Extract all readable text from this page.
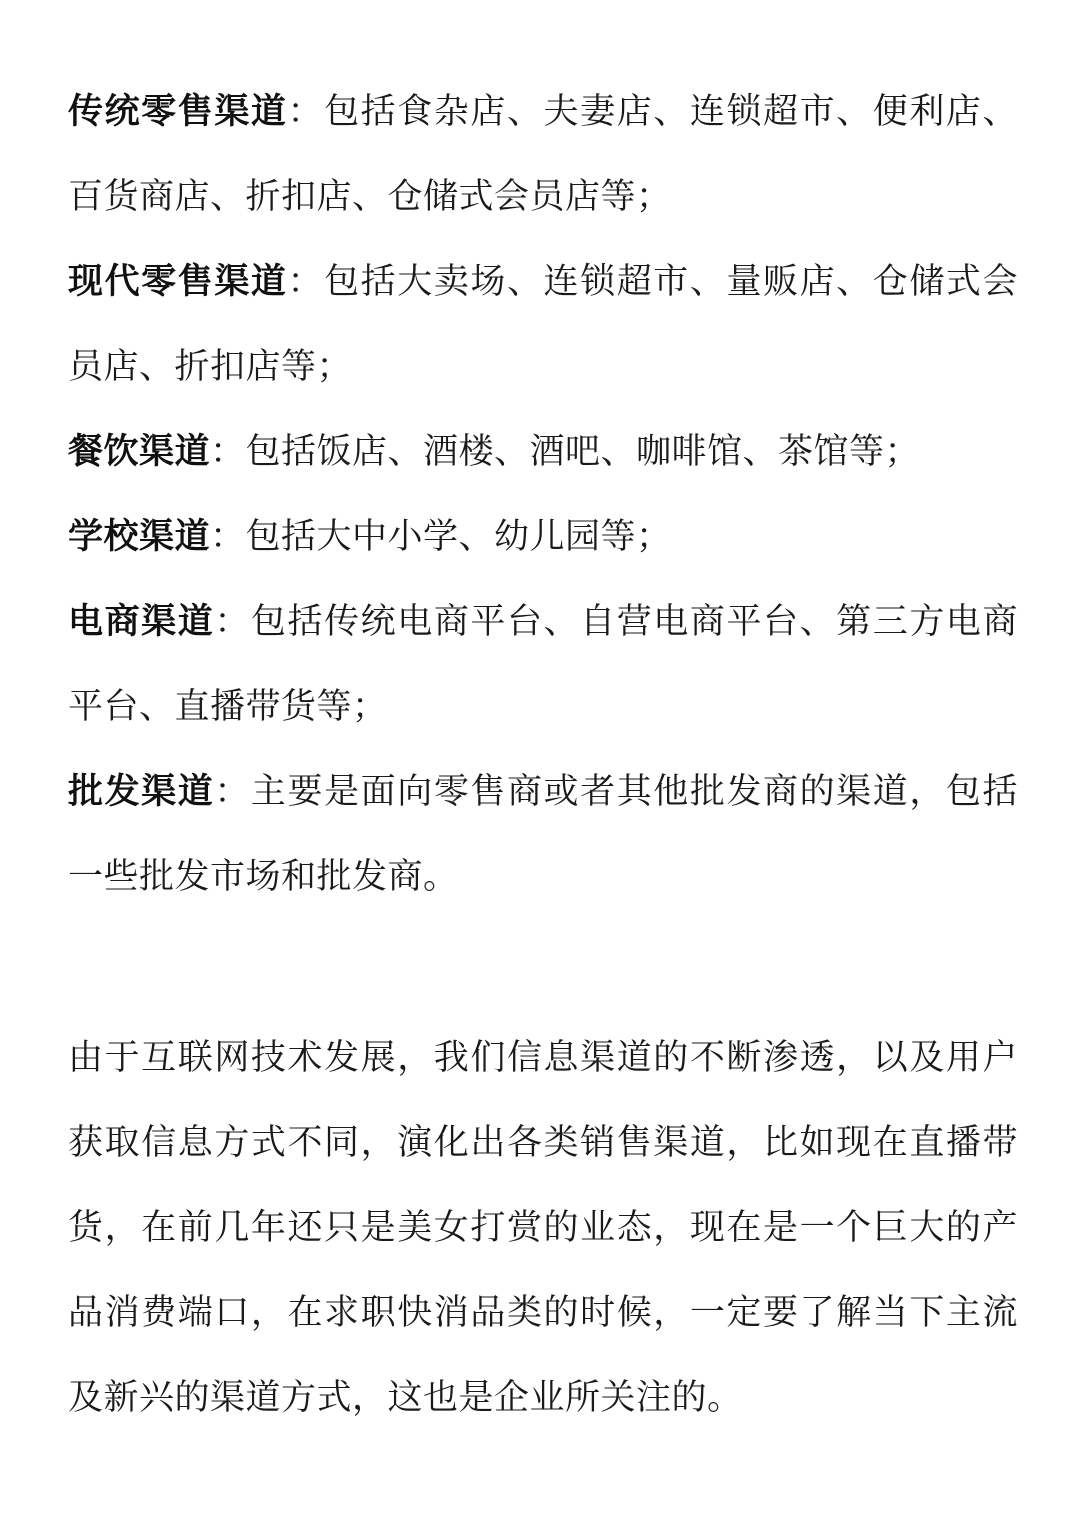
传统零售渠道：包括食杂店、夫妻店、连锁超市、便利店、百货商店、折扣店、仓储式会员店等；

现代零售渠道：包括大卖场、连锁超市、量贩店、仓储式会员店、折扣店等；

餐饮渠道：包括饭店、酒楼、酒吧、咖啡馆、茶馆等；

学校渠道：包括大中小学、幼儿园等；

电商渠道：包括传统电商平台、自营电商平台、第三方电商平台、直播带货等；

批发渠道：主要是面向零售商或者其他批发商的渠道，包括一些批发市场和批发商。

由于互联网技术发展，我们信息渠道的不断渗透，以及用户获取信息方式不同，演化出各类销售渠道，比如现在直播带货，在前几年还只是美女打赏的业态，现在是一个巨大的产品消费端口，在求职快消品类的时候，一定要了解当下主流及新兴的渠道方式，这也是企业所关注的。
